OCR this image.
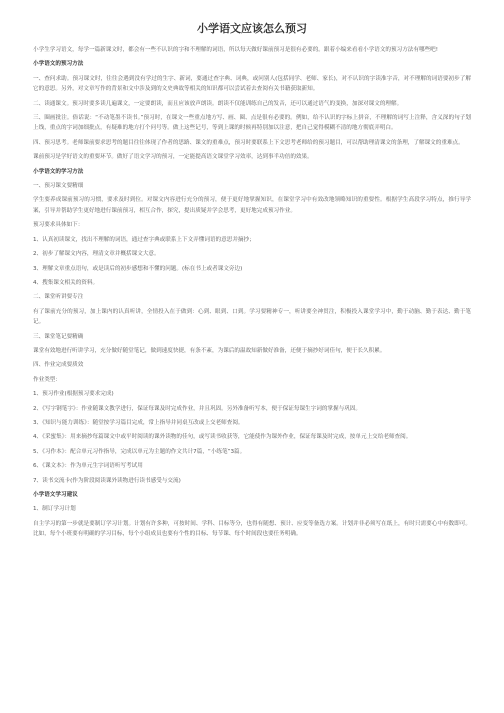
小学语文应该怎么预习

小学生学习语文，每学一篇新课文时，都会有一些不认识的字和不理解的词语，所以每天做好课前预习是很有必要的。跟着小编来看看小学语文的预习方法有哪些吧!

小学语文的预习方法

一、查问求助。预习课文时，往往会遇到没有学过的生字、新词，要通过查字典、词典，或问别人(包括同学、老师、家长)，对不认识的字读准字音，对不理解的词语要初步了解它的意思。另外，对文章写作的背景和文中涉及到的文史典故等相关的知识都可以尝试着去查阅有关书籍获取新知。

二、读通课文。预习时要多读几遍课文，一定要朗读，而且应该放声朗读。朗读不仅能训练自己的发音，还可以通过语气的变换，加深对课文的理解。

三、圈画批注。俗话说：“不动笔墨不读书。”预习时，在课文一些重点地方写、画、圈、点是很有必要的。例如，给不认识的字标上拼音，不理解的词写上注释，含义深的句子划上线，重点的字词加细批点，有疑难的地方打个问号等。做上这些记号，等到上课的时候再特别加以注意，把自己觉得模糊不清的地方彻底弄明白。

四、预习思考。老师课前要求思考的题目往往体现了作者的思路、课文的重难点，预习时要联系上下文思考老师给的预习题目，可以帮助理清课文的条理，了解课文的重难点。

课前预习是学好语文的重要环节。做好了语文学习的预习，一定能提高语文课堂学习效率，达到事半功倍的效果。

小学语文的学习方法

一、预习课文要精细

学生要养成课前预习的习惯，要求及时到位。对课文内容进行充分的预习，便于更好地掌握知识，在课堂学习中有效改地领略知识的重要性。根据学生高段学习特点，推行导学案，引导并帮助学生更好地进行课前预习，相互合作，探究，提出质疑并学会思考，更好地完成预习作业。

预习要求具体如下：

1、认真初读课文，找出不理解的词语，通过查字典或联系上下文弄懂词语的意思并摘抄；

2、初步了解课文内容，理清文章并概括课文大意。

3、理解文章重点语句，或是读后的初步感想和不懂的问题。(标在书上或者课文旁边)

4、搜集课文相关的资料。

二、课堂听讲要专注

有了课前充分的预习，加上课内的认真听讲，全情投入在于做到：心到、眼到、口到。学习要精神专一，听讲要全神贯注，积极投入课堂学习中，勤于动脑、勤于表达、勤于笔记。

三、课堂笔记要精确

课堂有效地进行听讲学习，充分做好随堂笔记，做到速度快捷，有条不紊，为课后的温故知新做好准备，还便于摘抄好词佳句，便于长久积累。

四、作业完成要质效

作业类型：

1、预习作业(根据预习要求完成)

2、《写字钢笔字》：作业随课文教学进行，保证每课及时完成作业，并且巩固。另外准备听写本，便于保证每课生字词的掌握与巩固。

3、《知识与能力训练》：随堂按学习篇目完成，常上指导并同桌互改或上交老师查阅。

4、《采蜜集》：用来摘抄每篇课文中或平时阅读的课外读物的佳句，或写读书收获等，它能使作为课外作业，保证每课及时完成，按单元上交给老师查阅。

5、《习作本》：配合单元习作指导，完成以单元为主题的作文共计7篇，“小练笔”3篇。

6、《课文本》：作为单元生字词语听写考试用

7、读书交流卡(作为阶段阅读课外读物进行读书感受与交流)

小学语文学习建议

1、制订学习计划

自主学习的第一步就是要制订学习计划。计划有许多种，可按时间、学科、目标等分，也得有随想、预计、应变等备选方案。计划并非必须写在纸上，有时只需要心中有数即可。比如，每个小班要有明确的学习目标，每个小组成员也要有个性的目标、每节课、每个时间段也要任务明确。
